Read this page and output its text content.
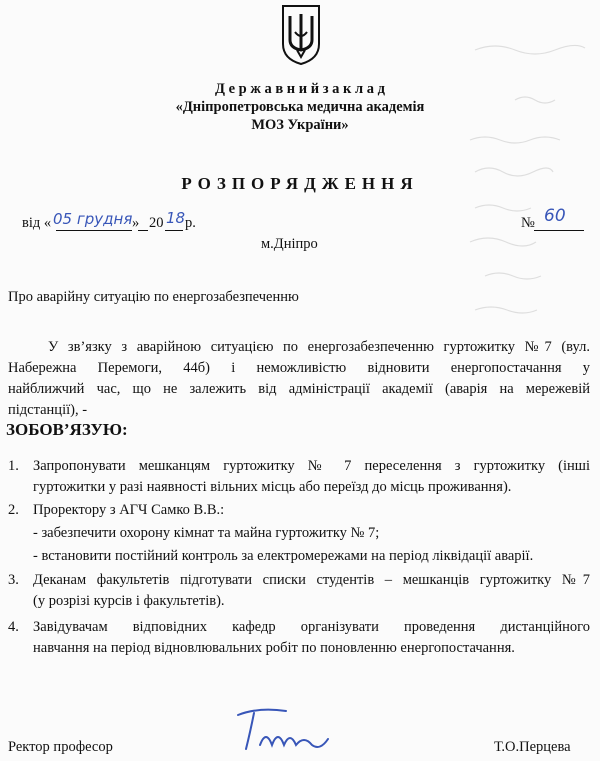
Д е р ж а в н и й з а к л а д
«Дніпропетровська медична академія
МОЗ України»
РОЗПОРЯДЖЕННЯ
від « 05 грудня » 20 18 р.	№ 60
м.Дніпро
Про аварійну ситуацію по енергозабезпеченню
У зв’язку з аварійною ситуацією по енергозабезпеченню гуртожитку №7 (вул.
Набережна Перемоги, 44б) і неможливістю відновити енергопостачання у
найближчий час, що не залежить від адміністрації академії (аварія на мережевій
підстанції), -
ЗОБОВ’ЯЗУЮ:
1. Запропонувати мешканцям гуртожитку № 7 переселення з гуртожитку (інші
гуртожитки у разі наявності вільних місць або переїзд до місць проживання).
2. Проректору з АГЧ Самко В.В.:
- забезпечити охорону кімнат та майна гуртожитку № 7;
- встановити постійний контроль за електромережами на період ліквідації аварії.
3. Деканам факультетів підготувати списки студентів – мешканців гуртожитку №7
(у розрізі курсів і факультетів).
4. Завідувачам відповідних кафедр організувати проведення дистанційного
навчання на період відновлювальних робіт по поновленню енергопостачання.
Ректор професор	Т.О.Перцева
